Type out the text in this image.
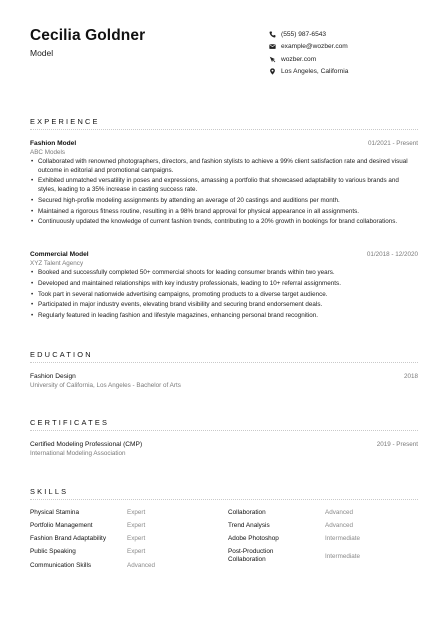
Cecilia Goldner
Model
(555) 987-6543
example@wozber.com
wozber.com
Los Angeles, California
EXPERIENCE
Fashion Model	01/2021 - Present
ABC Models
• Collaborated with renowned photographers, directors, and fashion stylists to achieve a 99% client satisfaction rate and desired visual outcome in editorial and promotional campaigns.
• Exhibited unmatched versatility in poses and expressions, amassing a portfolio that showcased adaptability to various brands and styles, leading to a 35% increase in casting success rate.
• Secured high-profile modeling assignments by attending an average of 20 castings and auditions per month.
• Maintained a rigorous fitness routine, resulting in a 98% brand approval for physical appearance in all assignments.
• Continuously updated the knowledge of current fashion trends, contributing to a 20% growth in bookings for brand collaborations.
Commercial Model	01/2018 - 12/2020
XYZ Talent Agency
• Booked and successfully completed 50+ commercial shoots for leading consumer brands within two years.
• Developed and maintained relationships with key industry professionals, leading to 10+ referral assignments.
• Took part in several nationwide advertising campaigns, promoting products to a diverse target audience.
• Participated in major industry events, elevating brand visibility and securing brand endorsement deals.
• Regularly featured in leading fashion and lifestyle magazines, enhancing personal brand recognition.
EDUCATION
Fashion Design	2018
University of California, Los Angeles - Bachelor of Arts
CERTIFICATES
Certified Modeling Professional (CMP)	2019 - Present
International Modeling Association
SKILLS
Physical Stamina	Expert
Portfolio Management	Expert
Fashion Brand Adaptability	Expert
Public Speaking	Expert
Communication Skills	Advanced
Collaboration	Advanced
Trend Analysis	Advanced
Adobe Photoshop	Intermediate
Post-Production Collaboration	Intermediate
